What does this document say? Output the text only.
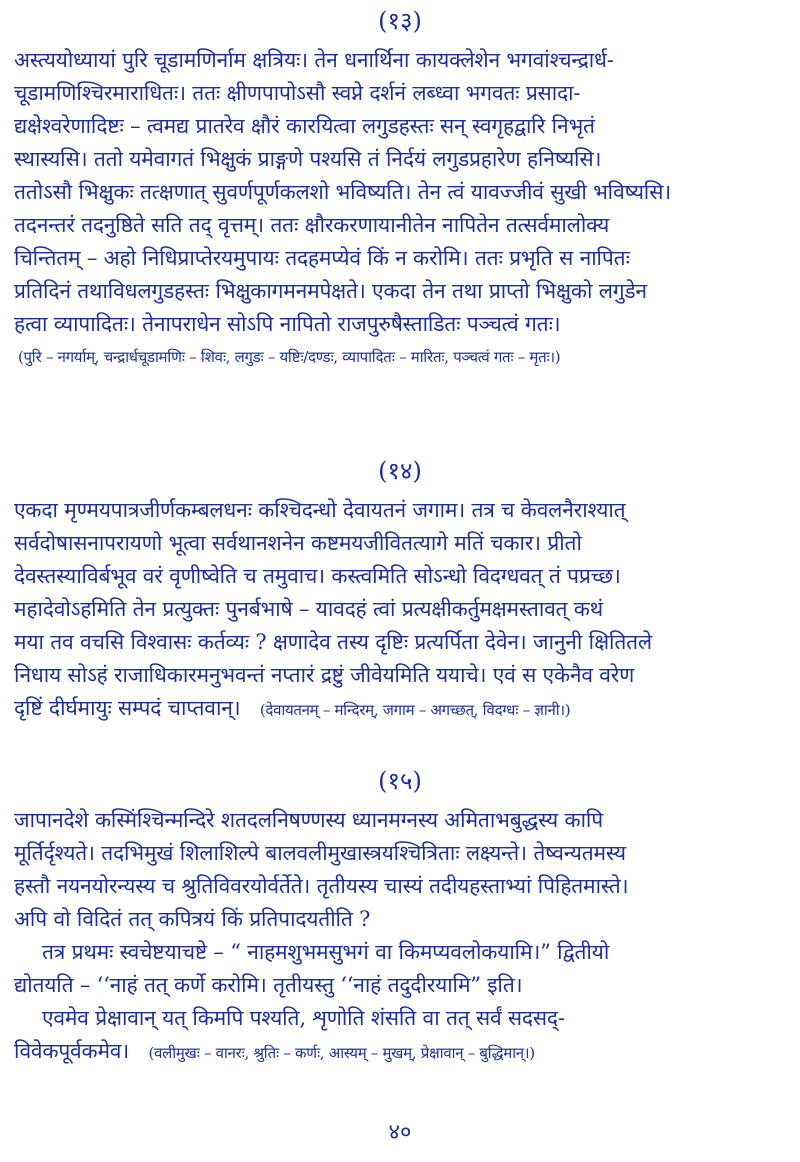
(१३)
अस्त्ययोध्यायां पुरि चूडामणिर्नाम क्षत्रियः। तेन धनार्थिना कायक्लेशेन भगवांश्चन्द्रार्ध-
चूडामणिश्चिरमाराधितः। ततः क्षीणपापोऽसौ स्वप्ने दर्शनं लब्ध्वा भगवतः प्रसादा-
द्यक्षेश्वरेणादिष्टः – त्वमद्य प्रातरेव क्षौरं कारयित्वा लगुडहस्तः सन् स्वगृहद्वारि निभृतं
स्थास्यसि। ततो यमेवागतं भिक्षुकं प्राङ्गणे पश्यसि तं निर्दयं लगुडप्रहारेण हनिष्यसि।
ततोऽसौ भिक्षुकः तत्क्षणात् सुवर्णपूर्णकलशो भविष्यति। तेन त्वं यावज्जीवं सुखी भविष्यसि।
तदनन्तरं तदनुष्ठिते सति तद् वृत्तम्। ततः क्षौरकरणायानीतेन नापितेन तत्सर्वमालोक्य
चिन्तितम् – अहो निधिप्राप्तेरयमुपायः तदहमप्येवं किं न करोमि। ततः प्रभृति स नापितः
प्रतिदिनं तथाविधलगुडहस्तः भिक्षुकागमनमपेक्षते। एकदा तेन तथा प्राप्तो भिक्षुको लगुडेन
हत्वा व्यापादितः। तेनापराधेन सोऽपि नापितो राजपुरुषैस्ताडितः पञ्चत्वं गतः।
(पुरि – नगर्याम्, चन्द्रार्धचूडामणिः – शिवः, लगुडः – यष्टिः/दण्डः, व्यापादितः – मारितः, पञ्चत्वं गतः – मृतः।)
(१४)
एकदा मृण्मयपात्रजीर्णकम्बलधनः कश्चिदन्धो देवायतनं जगाम। तत्र च केवलनैराश्यात्
सर्वदोषासनापरायणो भूत्वा सर्वथानशनेन कष्टमयजीवितत्यागे मतिं चकार। प्रीतो
देवस्तस्याविर्बभूव वरं वृणीष्वेति च तमुवाच। कस्त्वमिति सोऽन्धो विदग्धवत् तं पप्रच्छ।
महादेवोऽहमिति तेन प्रत्युक्तः पुनर्बभाषे – यावदहं त्वां प्रत्यक्षीकर्तुमक्षमस्तावत् कथं
मया तव वचसि विश्वासः कर्तव्यः ? क्षणादेव तस्य दृष्टिः प्रत्यर्पिता देवेन। जानुनी क्षितितले
निधाय सोऽहं राजाधिकारमनुभवन्तं नप्तारं द्रष्टुं जीवेयमिति ययाचे। एवं स एकेनैव वरेण
दृष्टिं दीर्घमायुः सम्पदं चाप्तवान्। (देवायतनम् – मन्दिरम्, जगाम – अगच्छत्, विदग्धः – ज्ञानी।)
(१५)
जापानदेशे कस्मिंश्चिन्मन्दिरे शतदलनिषण्णस्य ध्यानमग्नस्य अमिताभबुद्धस्य कापि
मूर्तिर्दृश्यते। तदभिमुखं शिलाशिल्पे बालवलीमुखास्त्रयश्चित्रिताः लक्ष्यन्ते। तेष्वन्यतमस्य
हस्तौ नयनयोरन्यस्य च श्रुतिविवरयोर्वर्तेते। तृतीयस्य चास्यं तदीयहस्ताभ्यां पिहितमास्ते।
अपि वो विदितं तत् कपित्रयं किं प्रतिपादयतीति ?
तत्र प्रथमः स्वचेष्टयाचष्टे – “ नाहमशुभमसुभगं वा किमप्यवलोकयामि।” द्वितीयो
द्योतयति – ‘‘नाहं तत् कर्णे करोमि। तृतीयस्तु ‘‘नाहं तदुदीरयामि” इति।
एवमेव प्रेक्षावान् यत् किमपि पश्यति, शृणोति शंसति वा तत् सर्वं सदसद्-
विवेकपूर्वकमेव। (वलीमुखः – वानरः, श्रुतिः – कर्णः, आस्यम् – मुखम्, प्रेक्षावान् – बुद्धिमान्।)
४०
